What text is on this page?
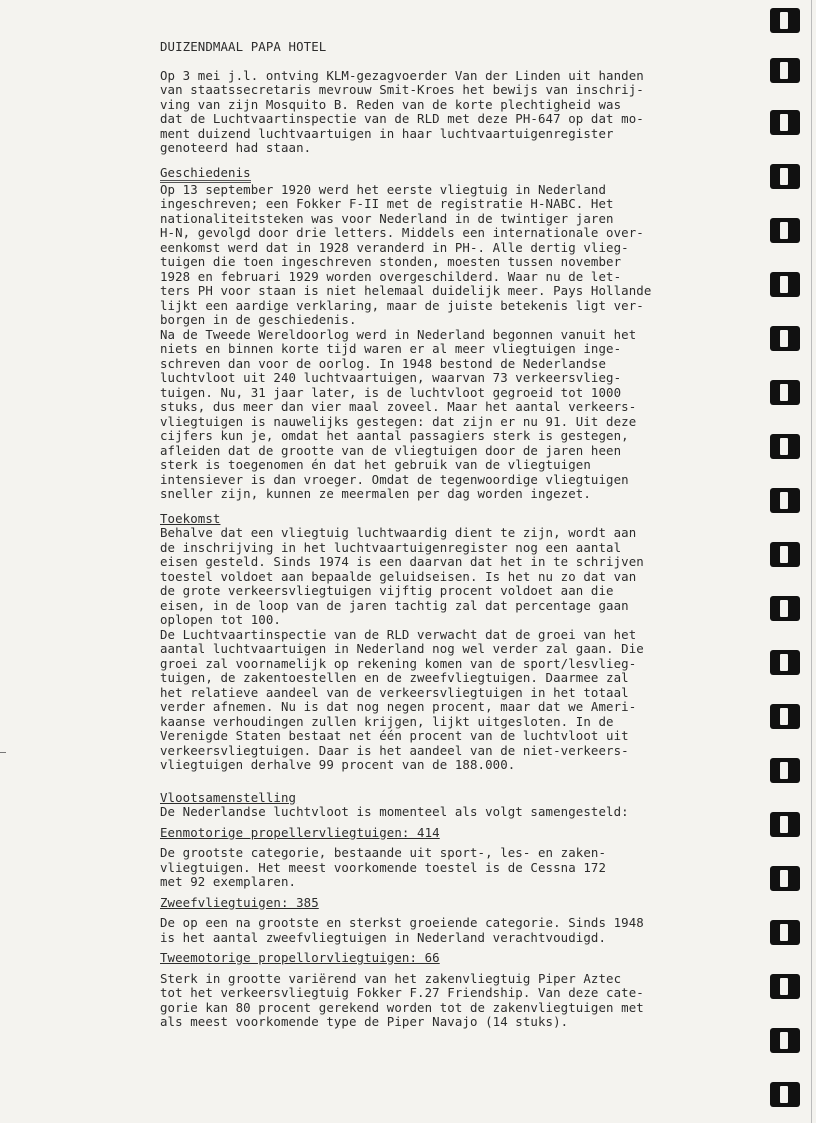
DUIZENDMAAL PAPA HOTEL

Op 3 mei j.l. ontving KLM-gezagvoerder Van der Linden uit handen
van staatssecretaris mevrouw Smit-Kroes het bewijs van inschrij-
ving van zijn Mosquito B. Reden van de korte plechtigheid was
dat de Luchtvaartinspectie van de RLD met deze PH-647 op dat mo-
ment duizend luchtvaartuigen in haar luchtvaartuigenregister
genoteerd had staan.

Geschiedenis

Op 13 september 1920 werd het eerste vliegtuig in Nederland
ingeschreven; een Fokker F-II met de registratie H-NABC. Het
nationaliteitsteken was voor Nederland in de twintiger jaren
H-N, gevolgd door drie letters. Middels een internationale over-
eenkomst werd dat in 1928 veranderd in PH-. Alle dertig vlieg-
tuigen die toen ingeschreven stonden, moesten tussen november
1928 en februari 1929 worden overgeschilderd. Waar nu de let-
ters PH voor staan is niet helemaal duidelijk meer. Pays Hollande
lijkt een aardige verklaring, maar de juiste betekenis ligt ver-
borgen in de geschiedenis.

Na de Tweede Wereldoorlog werd in Nederland begonnen vanuit het
niets en binnen korte tijd waren er al meer vliegtuigen inge-
schreven dan voor de oorlog. In 1948 bestond de Nederlandse
luchtvloot uit 240 luchtvaartuigen, waarvan 73 verkeersvlieg-
tuigen. Nu, 31 jaar later, is de luchtvloot gegroeid tot 1000
stuks, dus meer dan vier maal zoveel. Maar het aantal verkeers-
vliegtuigen is nauwelijks gestegen: dat zijn er nu 91. Uit deze
cijfers kun je, omdat het aantal passagiers sterk is gestegen,
afleiden dat de grootte van de vliegtuigen door de jaren heen
sterk is toegenomen én dat het gebruik van de vliegtuigen
intensiever is dan vroeger. Omdat de tegenwoordige vliegtuigen
sneller zijn, kunnen ze meermalen per dag worden ingezet.

Toekomst

Behalve dat een vliegtuig luchtwaardig dient te zijn, wordt aan
de inschrijving in het luchtvaartuigenregister nog een aantal
eisen gesteld. Sinds 1974 is een daarvan dat het in te schrijven
toestel voldoet aan bepaalde geluidseisen. Is het nu zo dat van
de grote verkeersvliegtuigen vijftig procent voldoet aan die
eisen, in de loop van de jaren tachtig zal dat percentage gaan
oplopen tot 100.

De Luchtvaartinspectie van de RLD verwacht dat de groei van het
aantal luchtvaartuigen in Nederland nog wel verder zal gaan. Die
groei zal voornamelijk op rekening komen van de sport/lesvlieg-
tuigen, de zakentoestellen en de zweefvliegtuigen. Daarmee zal
het relatieve aandeel van de verkeersvliegtuigen in het totaal
verder afnemen. Nu is dat nog negen procent, maar dat we Ameri-
kaanse verhoudingen zullen krijgen, lijkt uitgesloten. In de
Verenigde Staten bestaat net één procent van de luchtvloot uit
verkeersvliegtuigen. Daar is het aandeel van de niet-verkeers-
vliegtuigen derhalve 99 procent van de 188.000.

Vlootsamenstelling

De Nederlandse luchtvloot is momenteel als volgt samengesteld:

Eenmotorige propellervliegtuigen: 414

De grootste categorie, bestaande uit sport-, les- en zaken-
vliegtuigen. Het meest voorkomende toestel is de Cessna 172
met 92 exemplaren.

Zweefvliegtuigen: 385

De op een na grootste en sterkst groeiende categorie. Sinds 1948
is het aantal zweefvliegtuigen in Nederland verachtvoudigd.

Tweemotorige propellorvliegtuigen: 66

Sterk in grootte variërend van het zakenvliegtuig Piper Aztec
tot het verkeersvliegtuig Fokker F.27 Friendship. Van deze cate-
gorie kan 80 procent gerekend worden tot de zakenvliegtuigen met
als meest voorkomende type de Piper Navajo (14 stuks).
